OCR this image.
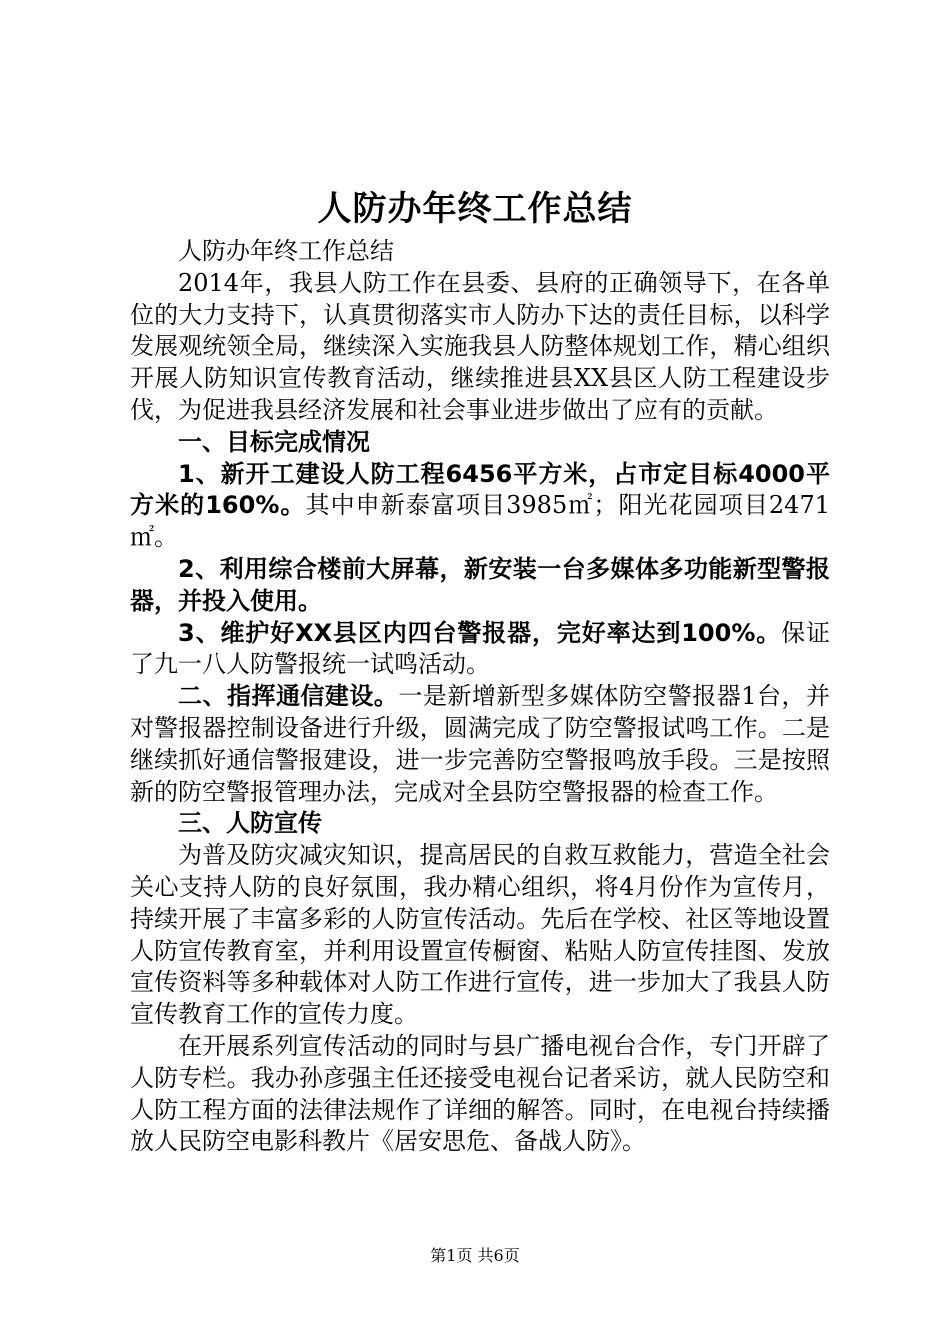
人防办年终工作总结

人防办年终工作总结

2014年，我县人防工作在县委、县府的正确领导下，在各单位的大力支持下，认真贯彻落实市人防办下达的责任目标，以科学发展观统领全局，继续深入实施我县人防整体规划工作，精心组织开展人防知识宣传教育活动，继续推进县XX县区人防工程建设步伐，为促进我县经济发展和社会事业进步做出了应有的贡献。

一、目标完成情况

1、新开工建设人防工程6456平方米，占市定目标4000平方米的160%。其中申新泰富项目3985㎡；阳光花园项目2471㎡。

2、利用综合楼前大屏幕，新安装一台多媒体多功能新型警报器，并投入使用。

3、维护好XX县区内四台警报器，完好率达到100%。保证了九一八人防警报统一试鸣活动。

二、指挥通信建设。一是新增新型多媒体防空警报器1台，并对警报器控制设备进行升级，圆满完成了防空警报试鸣工作。二是继续抓好通信警报建设，进一步完善防空警报鸣放手段。三是按照新的防空警报管理办法，完成对全县防空警报器的检查工作。

三、人防宣传

为普及防灾减灾知识，提高居民的自救互救能力，营造全社会关心支持人防的良好氛围，我办精心组织，将4月份作为宣传月，持续开展了丰富多彩的人防宣传活动。先后在学校、社区等地设置人防宣传教育室，并利用设置宣传橱窗、粘贴人防宣传挂图、发放宣传资料等多种载体对人防工作进行宣传，进一步加大了我县人防宣传教育工作的宣传力度。

在开展系列宣传活动的同时与县广播电视台合作，专门开辟了人防专栏。我办孙彦强主任还接受电视台记者采访，就人民防空和人防工程方面的法律法规作了详细的解答。同时，在电视台持续播放人民防空电影科教片《居安思危、备战人防》。

第1页 共6页
